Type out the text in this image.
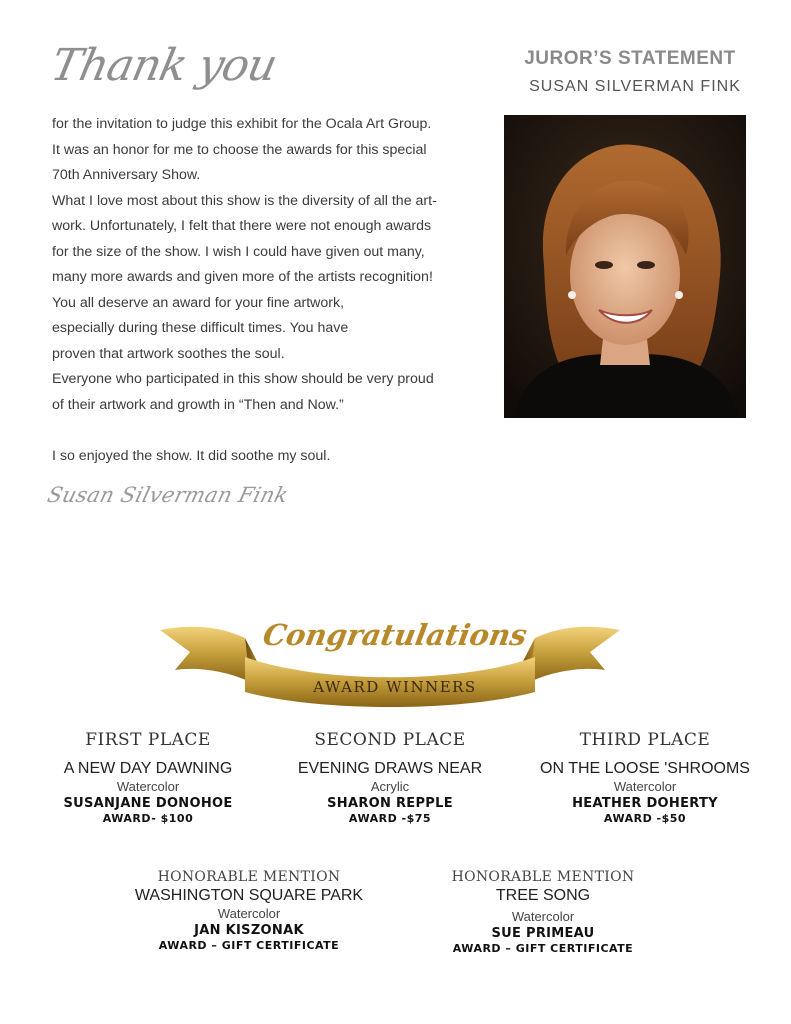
Thank you

for the invitation to judge this exhibit for the Ocala Art Group.

It was an honor for me to choose the awards for this special

70th Anniversary Show.

What I love most about this show is the diversity of all the art-

work. Unfortunately, I felt that there were not enough awards

for the size of the show. I wish I could have given out many,

many more awards and given more of the artists recognition!

You all deserve an award for your fine artwork,

especially during these difficult times. You have

proven that artwork soothes the soul.

Everyone who participated in this show should be very proud

of their artwork and growth in “Then and Now.”

I so enjoyed the show. It did soothe my soul.

Susan Silverman Fink
JUROR’S STATEMENT
SUSAN SILVERMAN FINK
Congratulations
AWARD WINNERS
FIRST PLACE
A NEW DAY DAWNING
Watercolor
SUSANJANE DONOHOE
AWARD- $100
SECOND PLACE
EVENING DRAWS NEAR
Acrylic
SHARON REPPLE
AWARD -$75
THIRD PLACE
ON THE LOOSE 'SHROOMS
Watercolor
HEATHER DOHERTY
AWARD -$50
HONORABLE MENTION
WASHINGTON SQUARE PARK
Watercolor
JAN KISZONAK
AWARD – GIFT CERTIFICATE
HONORABLE MENTION
TREE SONG
Watercolor
SUE PRIMEAU
AWARD – GIFT CERTIFICATE
